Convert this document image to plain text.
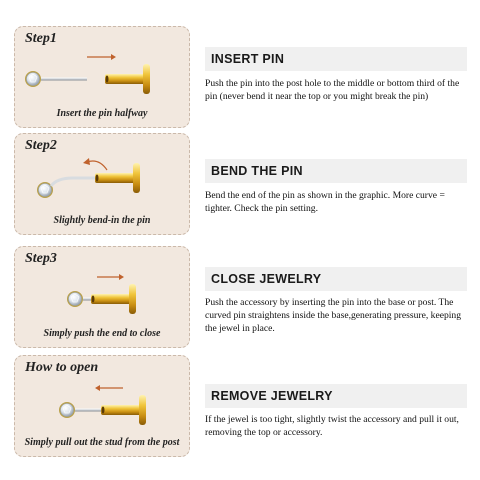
Step1
Insert the pin halfway
INSERT PIN
Push the pin into the post hole to the middle or bottom third of the pin (never bend it near the top or you might break the pin)
Step2
Slightly bend-in the pin
BEND THE PIN
Bend the end of the pin as shown in the graphic. More curve = tighter. Check the pin setting.
Step3
Simply push the end to close
CLOSE JEWELRY
Push the accessory by inserting the pin into the base or post. The curved pin straightens inside the base,generating pressure, keeping the jewel in place.
How to open
Simply pull out the stud from the post
REMOVE JEWELRY
If the jewel is too tight, slightly twist the accessory and pull it out, removing the top or accessory.
